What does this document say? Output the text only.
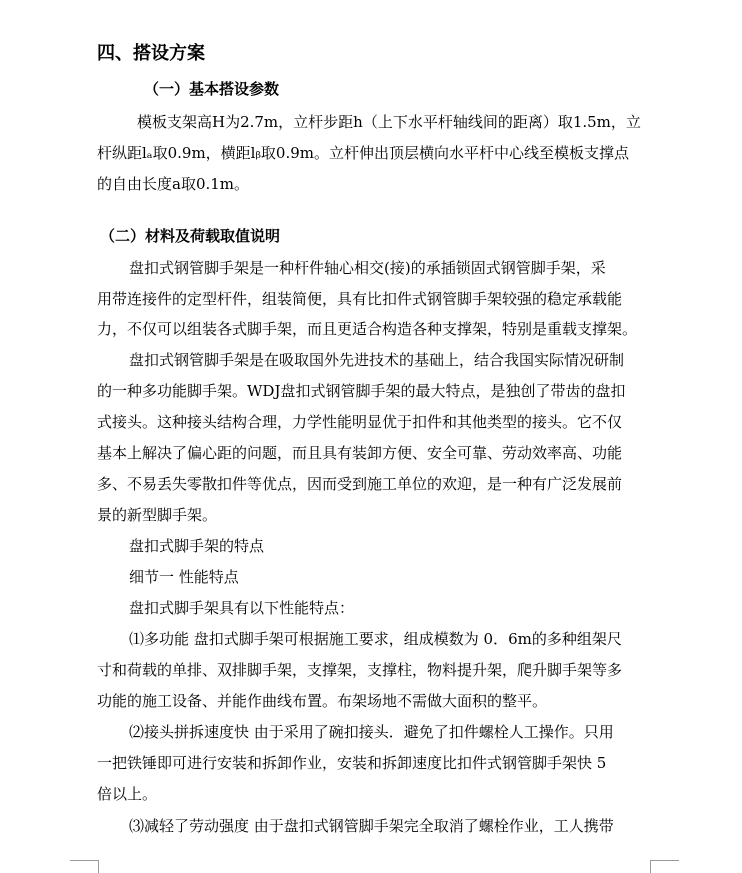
四、搭设方案
（一）基本搭设参数
模板支架高H为2.7m，立杆步距h（上下水平杆轴线间的距离）取1.5m，立
杆纵距lₐ取0.9m，横距lᵦ取0.9m。立杆伸出顶层横向水平杆中心线至模板支撑点
的自由长度a取0.1m。
（二）材料及荷载取值说明
盘扣式钢管脚手架是一种杆件轴心相交(接)的承插锁固式钢管脚手架，采
用带连接件的定型杆件，组装简便，具有比扣件式钢管脚手架较强的稳定承载能
力，不仅可以组装各式脚手架，而且更适合构造各种支撑架，特别是重载支撑架。
盘扣式钢管脚手架是在吸取国外先进技术的基础上，结合我国实际情况研制
的一种多功能脚手架。WDJ盘扣式钢管脚手架的最大特点，是独创了带齿的盘扣
式接头。这种接头结构合理，力学性能明显优于扣件和其他类型的接头。它不仅
基本上解决了偏心距的问题，而且具有装卸方便、安全可靠、劳动效率高、功能
多、不易丢失零散扣件等优点，因而受到施工单位的欢迎，是一种有广泛发展前
景的新型脚手架。
盘扣式脚手架的特点
细节一 性能特点
盘扣式脚手架具有以下性能特点：
⑴多功能 盘扣式脚手架可根据施工要求，组成模数为 0．6m的多种组架尺
寸和荷载的单排、双排脚手架，支撑架，支撑柱，物料提升架，爬升脚手架等多
功能的施工设备、并能作曲线布置。布架场地不需做大面积的整平。
⑵接头拼拆速度快 由于采用了碗扣接头．避免了扣件螺栓人工操作。只用
一把铁锤即可进行安装和拆卸作业，安装和拆卸速度比扣件式钢管脚手架快 5
倍以上。
⑶减轻了劳动强度 由于盘扣式钢管脚手架完全取消了螺栓作业，工人携带
